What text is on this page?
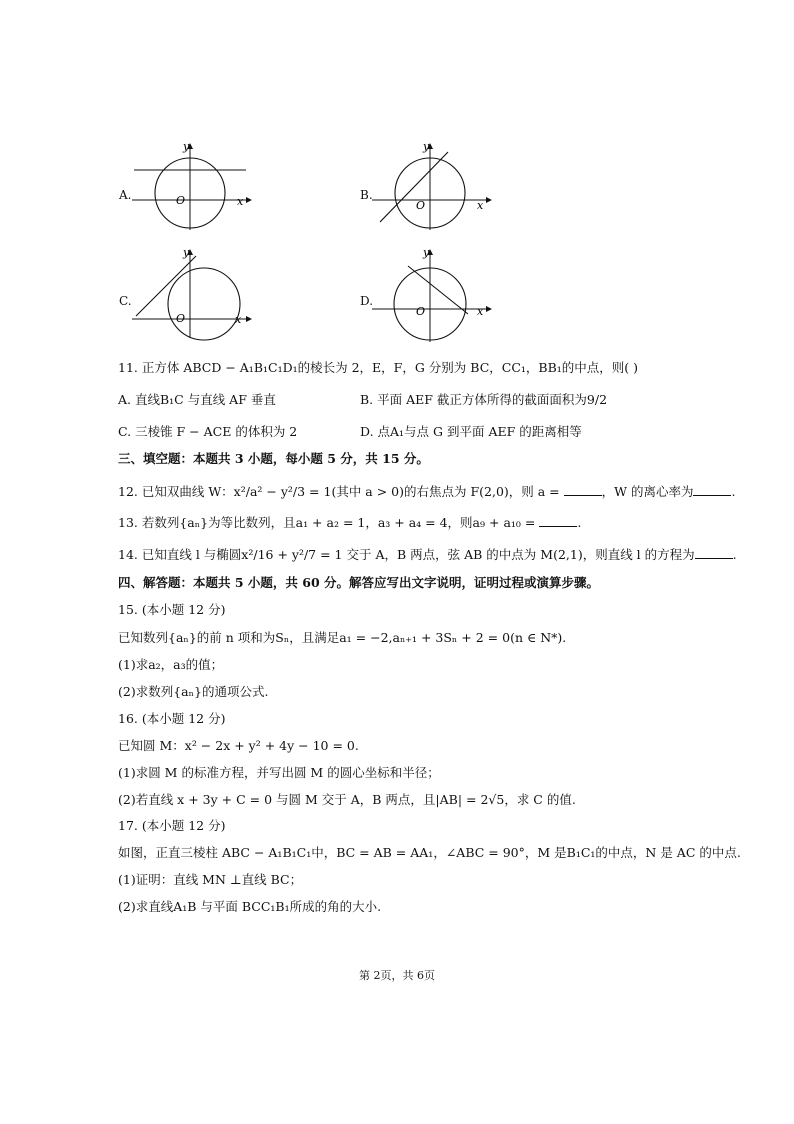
A.	O	x
y
B.
O	x
y
C.
O	x
y
D.
O	x
y
11. 正方体 ABCD − A₁B₁C₁D₁的棱长为 2，E，F，G 分别为 BC，CC₁，BB₁的中点，则( )
A. 直线B₁C 与直线 AF 垂直	B. 平面 AEF 截正方体所得的截面面积为9/2
C. 三棱锥 F − ACE 的体积为 2	D. 点A₁与点 G 到平面 AEF 的距离相等
三、填空题：本题共 3 小题，每小题 5 分，共 15 分。
12. 已知双曲线 W：x²/a² − y²/3 = 1(其中 a > 0)的右焦点为 F(2,0)，则 a =	，W 的离心率为	.
13. 若数列{aₙ}为等比数列，且a₁ + a₂ = 1，a₃ + a₄ = 4，则a₉ + a₁₀ =	.
14. 已知直线 l 与椭圆x²/16 + y²/7 = 1 交于 A，B 两点，弦 AB 的中点为 M(2,1)，则直线 l 的方程为	.
四、解答题：本题共 5 小题，共 60 分。解答应写出文字说明，证明过程或演算步骤。
15. (本小题 12 分)
已知数列{aₙ}的前 n 项和为Sₙ，且满足a₁ = −2,aₙ₊₁ + 3Sₙ + 2 = 0(n ∈ N*).
(1)求a₂，a₃的值；
(2)求数列{aₙ}的通项公式.
16. (本小题 12 分)
已知圆 M：x² − 2x + y² + 4y − 10 = 0.
(1)求圆 M 的标准方程，并写出圆 M 的圆心坐标和半径；
(2)若直线 x + 3y + C = 0 与圆 M 交于 A，B 两点，且|AB| = 2√5，求 C 的值.
17. (本小题 12 分)
如图，正直三棱柱 ABC − A₁B₁C₁中，BC = AB = AA₁，∠ABC = 90°，M 是B₁C₁的中点，N 是 AC 的中点.
(1)证明：直线 MN ⊥直线 BC；
(2)求直线A₁B 与平面 BCC₁B₁所成的角的大小.
第 2页，共 6页
